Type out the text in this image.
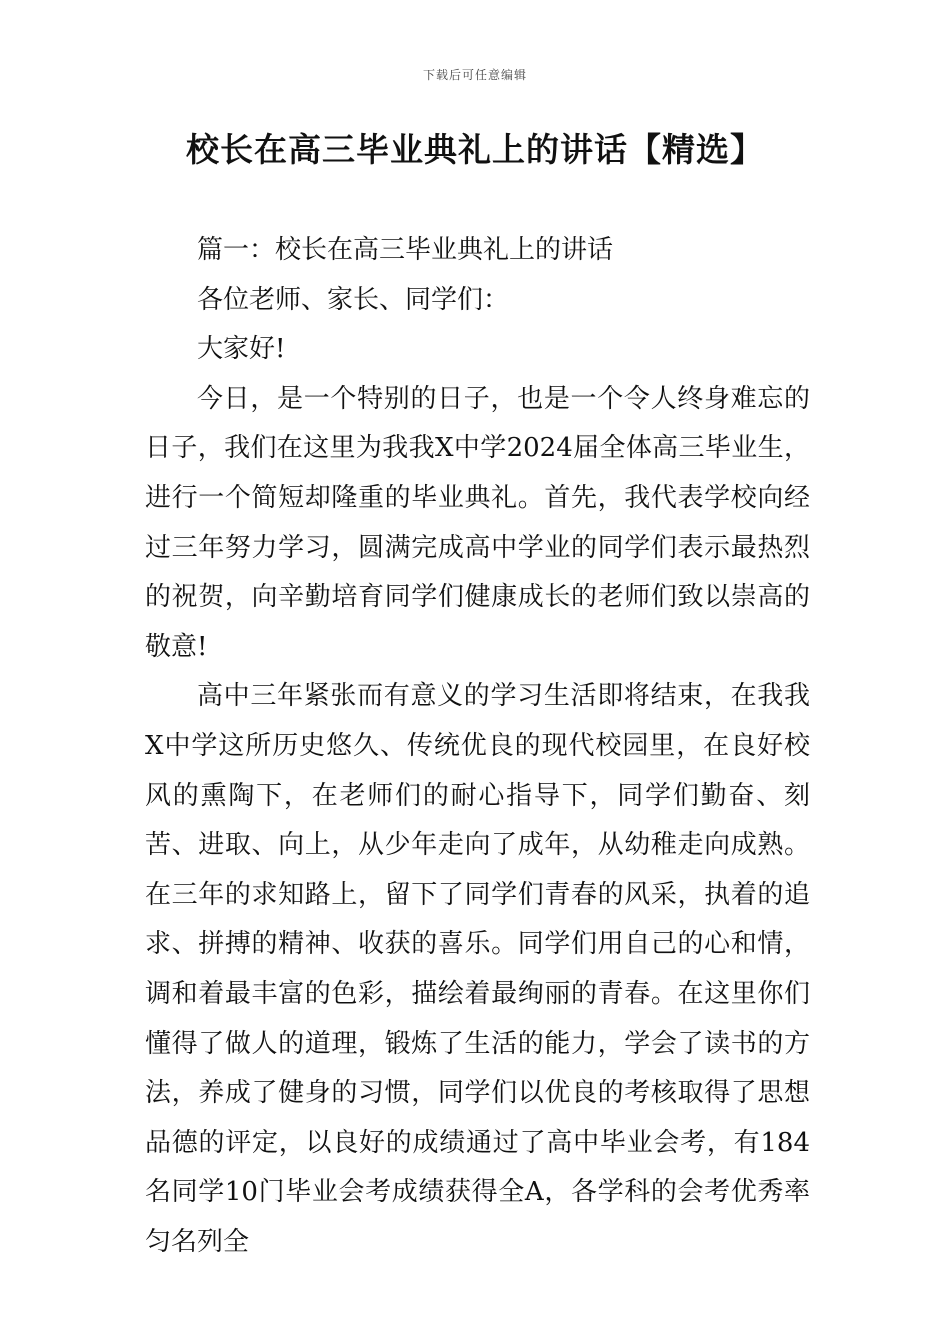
下载后可任意编辑
校长在高三毕业典礼上的讲话【精选】

篇一：校长在高三毕业典礼上的讲话

各位老师、家长、同学们：

大家好!

今日，是一个特别的日子，也是一个令人终身难忘的日子，我们在这里为我我X中学2024届全体高三毕业生，进行一个简短却隆重的毕业典礼。首先，我代表学校向经过三年努力学习，圆满完成高中学业的同学们表示最热烈的祝贺，向辛勤培育同学们健康成长的老师们致以崇高的敬意!

高中三年紧张而有意义的学习生活即将结束，在我我X中学这所历史悠久、传统优良的现代校园里，在良好校风的熏陶下，在老师们的耐心指导下，同学们勤奋、刻苦、进取、向上，从少年走向了成年，从幼稚走向成熟。在三年的求知路上，留下了同学们青春的风采，执着的追求、拼搏的精神、收获的喜乐。同学们用自己的心和情，调和着最丰富的色彩，描绘着最绚丽的青春。在这里你们懂得了做人的道理，锻炼了生活的能力，学会了读书的方法，养成了健身的习惯，同学们以优良的考核取得了思想品德的评定，以良好的成绩通过了高中毕业会考，有184名同学10门毕业会考成绩获得全A，各学科的会考优秀率匀名列全
